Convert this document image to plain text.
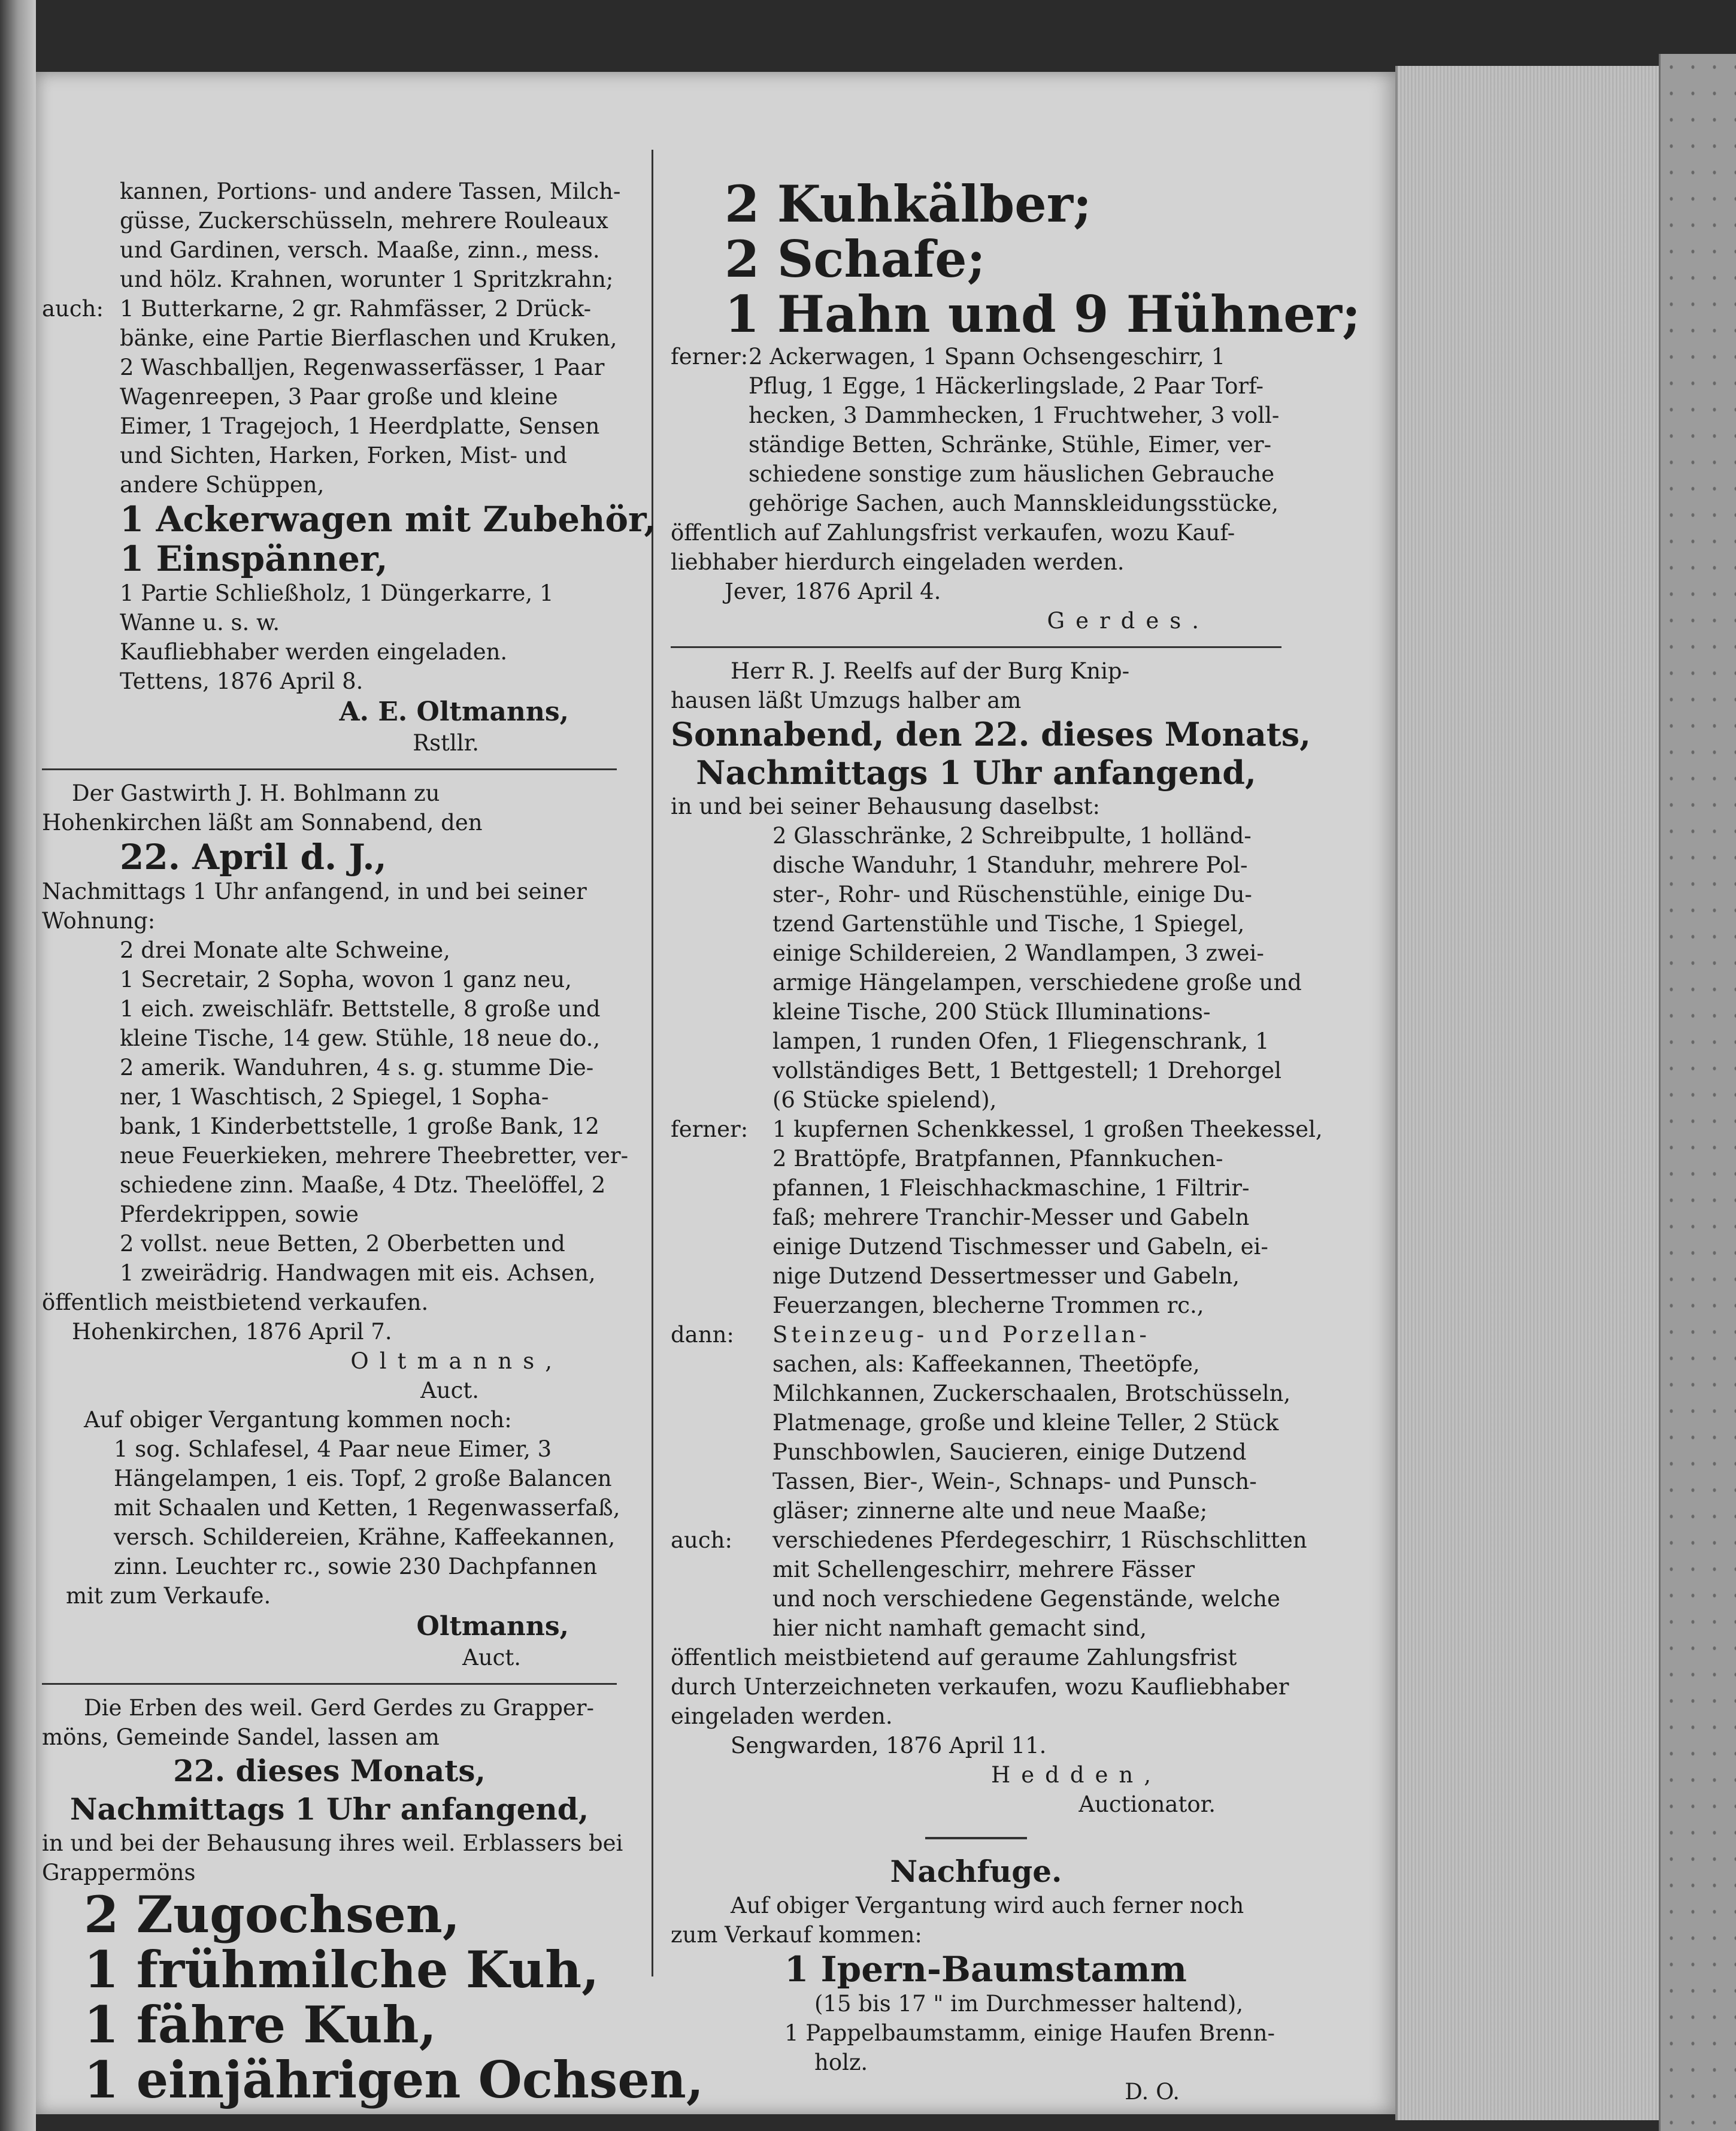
kannen, Portions- und andere Tassen, Milch-

güsse, Zuckerschüsseln, mehrere Rouleaux

und Gardinen, versch. Maaße, zinn., mess.

und hölz. Krahnen, worunter 1 Spritzkrahn;

auch: 1 Butterkarne, 2 gr. Rahmfässer, 2 Drück-

bänke, eine Partie Bierflaschen und Kruken,

2 Waschballjen, Regenwasserfässer, 1 Paar

Wagenreepen, 3 Paar große und kleine

Eimer, 1 Tragejoch, 1 Heerdplatte, Sensen

und Sichten, Harken, Forken, Mist- und

andere Schüppen,

1 Ackerwagen mit Zubehör,

1 Einspänner,

1 Partie Schließholz, 1 Düngerkarre, 1

Wanne u. s. w.

Kaufliebhaber werden eingeladen.

Tettens, 1876 April 8.

A. E. Oltmanns,

Rstllr.

Der Gastwirth J. H. Bohlmann zu

Hohenkirchen läßt am Sonnabend, den

22. April d. J.,

Nachmittags 1 Uhr anfangend, in und bei seiner

Wohnung:

2 drei Monate alte Schweine,

1 Secretair, 2 Sopha, wovon 1 ganz neu,

1 eich. zweischläfr. Bettstelle, 8 große und

kleine Tische, 14 gew. Stühle, 18 neue do.,

2 amerik. Wanduhren, 4 s. g. stumme Die-

ner, 1 Waschtisch, 2 Spiegel, 1 Sopha-

bank, 1 Kinderbettstelle, 1 große Bank, 12

neue Feuerkieken, mehrere Theebretter, ver-

schiedene zinn. Maaße, 4 Dtz. Theelöffel, 2

Pferdekrippen, sowie

2 vollst. neue Betten, 2 Oberbetten und

1 zweirädrig. Handwagen mit eis. Achsen,

öffentlich meistbietend verkaufen.

Hohenkirchen, 1876 April 7.

Oltmanns,

Auct.

Auf obiger Vergantung kommen noch:

1 sog. Schlafesel, 4 Paar neue Eimer, 3

Hängelampen, 1 eis. Topf, 2 große Balancen

mit Schaalen und Ketten, 1 Regenwasserfaß,

versch. Schildereien, Krähne, Kaffeekannen,

zinn. Leuchter rc., sowie 230 Dachpfannen

mit zum Verkaufe.

Oltmanns,

Auct.

Die Erben des weil. Gerd Gerdes zu Grapper-

möns, Gemeinde Sandel, lassen am

22. dieses Monats,

Nachmittags 1 Uhr anfangend,

in und bei der Behausung ihres weil. Erblassers bei

Grappermöns

2 Zugochsen,

1 frühmilche Kuh,

1 fähre Kuh,

1 einjährigen Ochsen,

2 Kuhkälber;

2 Schafe;

1 Hahn und 9 Hühner;

ferner: 2 Ackerwagen, 1 Spann Ochsengeschirr, 1

Pflug, 1 Egge, 1 Häckerlingslade, 2 Paar Torf-

hecken, 3 Dammhecken, 1 Fruchtweher, 3 voll-

ständige Betten, Schränke, Stühle, Eimer, ver-

schiedene sonstige zum häuslichen Gebrauche

gehörige Sachen, auch Mannskleidungsstücke,

öffentlich auf Zahlungsfrist verkaufen, wozu Kauf-

liebhaber hierdurch eingeladen werden.

Jever, 1876 April 4.

Gerdes.

Herr R. J. Reelfs auf der Burg Knip-

hausen läßt Umzugs halber am

Sonnabend, den 22. dieses Monats,

Nachmittags 1 Uhr anfangend,

in und bei seiner Behausung daselbst:

2 Glasschränke, 2 Schreibpulte, 1 holländ-

dische Wanduhr, 1 Standuhr, mehrere Pol-

ster-, Rohr- und Rüschenstühle, einige Du-

tzend Gartenstühle und Tische, 1 Spiegel,

einige Schildereien, 2 Wandlampen, 3 zwei-

armige Hängelampen, verschiedene große und

kleine Tische, 200 Stück Illuminations-

lampen, 1 runden Ofen, 1 Fliegenschrank, 1

vollständiges Bett, 1 Bettgestell; 1 Drehorgel

(6 Stücke spielend),

ferner:	1 kupfernen Schenkkessel, 1 großen Theekessel,

2 Brattöpfe, Bratpfannen, Pfannkuchen-

pfannen, 1 Fleischhackmaschine, 1 Filtrir-

faß; mehrere Tranchir-Messer und Gabeln

einige Dutzend Tischmesser und Gabeln, ei-

nige Dutzend Dessertmesser und Gabeln,

Feuerzangen, blecherne Trommen rc.,

dann:	Steinzeug- und Porzellan-

sachen, als: Kaffeekannen, Theetöpfe,

Milchkannen, Zuckerschaalen, Brotschüsseln,

Platmenage, große und kleine Teller, 2 Stück

Punschbowlen, Saucieren, einige Dutzend

Tassen, Bier-, Wein-, Schnaps- und Punsch-

gläser; zinnerne alte und neue Maaße;

auch:	verschiedenes Pferdegeschirr, 1 Rüschschlitten

mit Schellengeschirr, mehrere Fässer

und noch verschiedene Gegenstände, welche

hier nicht namhaft gemacht sind,

öffentlich meistbietend auf geraume Zahlungsfrist

durch Unterzeichneten verkaufen, wozu Kaufliebhaber

eingeladen werden.

Sengwarden, 1876 April 11.

Hedden,

Auctionator.

Nachfuge.

Auf obiger Vergantung wird auch ferner noch

zum Verkauf kommen:

1 Ipern-Baumstamm

(15 bis 17 " im Durchmesser haltend),

1 Pappelbaumstamm, einige Haufen Brenn-

holz.

D. O.
